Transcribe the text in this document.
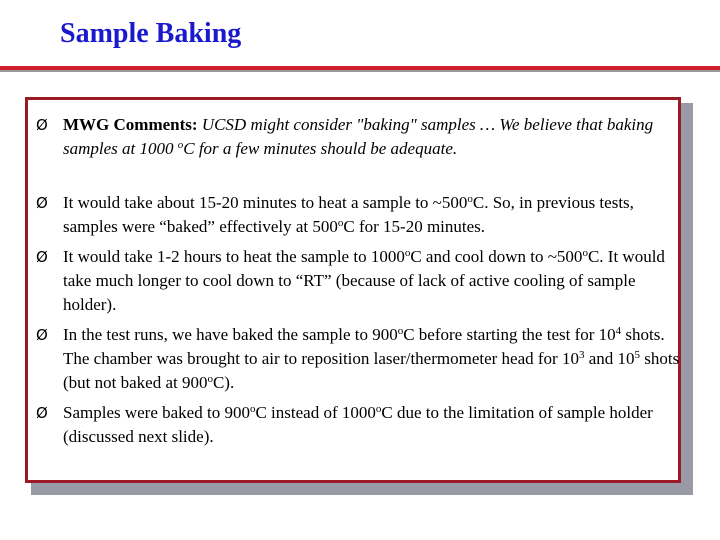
Sample Baking
Ø MWG Comments: UCSD might consider "baking" samples … We believe that baking samples at 1000 $^o$C for a few minutes should be adequate.
Ø It would take about 15-20 minutes to heat a sample to ~500$^o$C. So, in previous tests, samples were “baked” effectively at 500$^o$C for 15-20 minutes.
Ø It would take 1-2 hours to heat the sample to 1000$^o$C and cool down to ~500$^o$C. It would take much longer to cool down to “RT” (because of lack of active cooling of sample holder).
Ø In the test runs, we have baked the sample to 900$^o$C before starting the test for $10^4$ shots. The chamber was brought to air to reposition laser/thermometer head for $10^3$ and $10^5$ shots (but not baked at 900$^o$C).
Ø Samples were baked to 900$^o$C instead of 1000$^o$C due to the limitation of sample holder (discussed next slide).
